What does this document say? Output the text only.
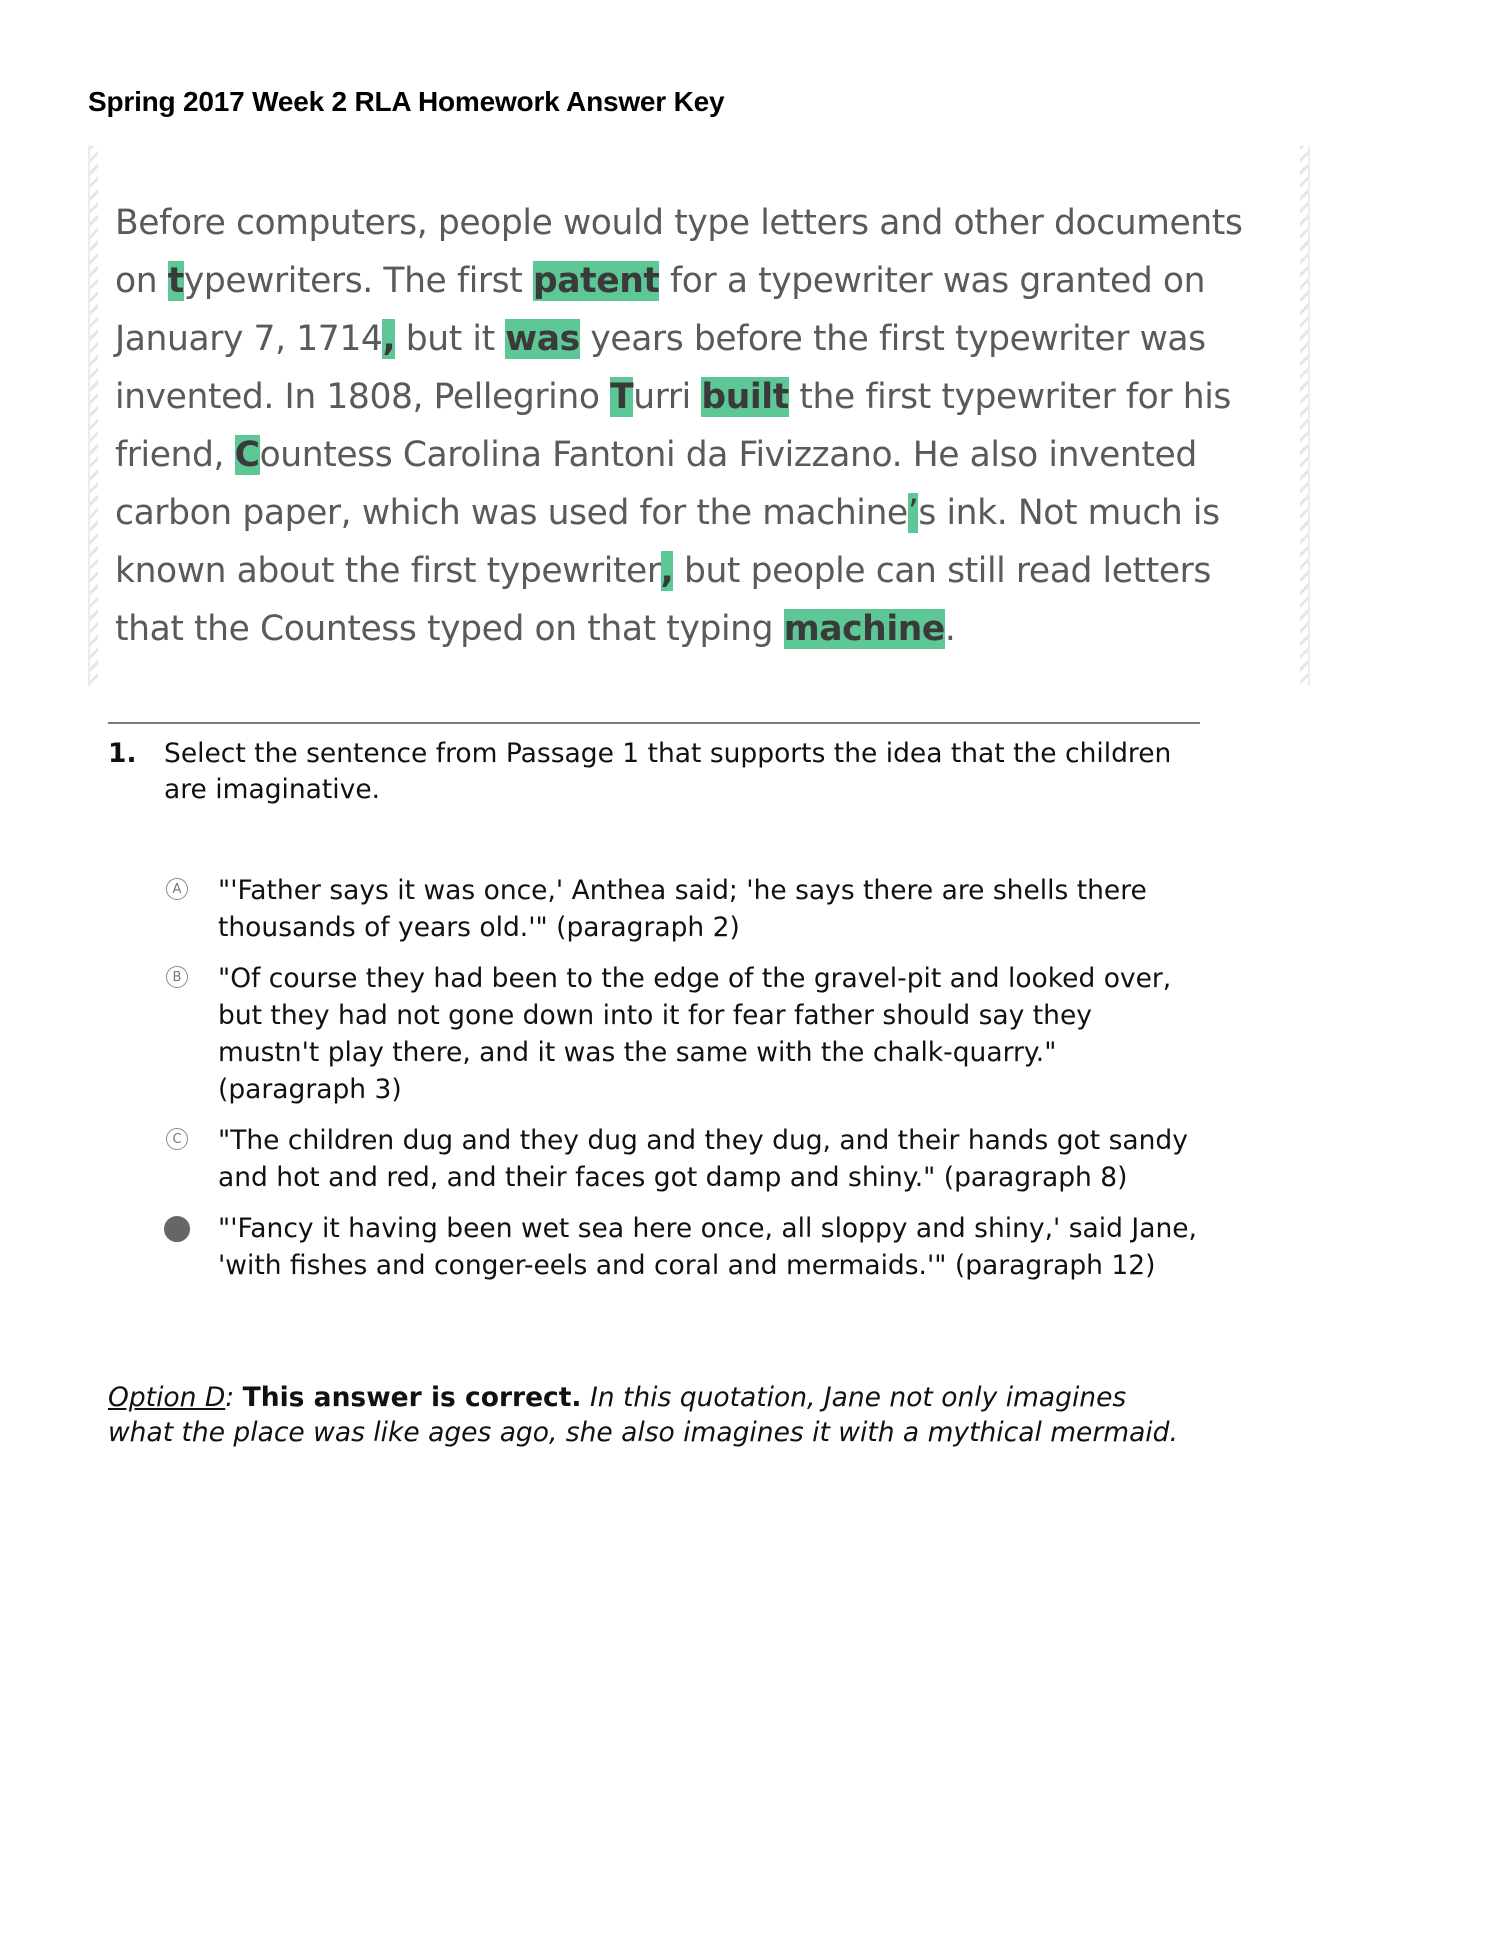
Spring 2017 Week 2 RLA Homework Answer Key
Before computers, people would type letters and other documents
on typewriters. The first patent for a typewriter was granted on
January 7, 1714, but it was years before the first typewriter was
invented. In 1808, Pellegrino Turri built the first typewriter for his
friend, Countess Carolina Fantoni da Fivizzano. He also invented
carbon paper, which was used for the machine’s ink. Not much is
known about the first typewriter, but people can still read letters
that the Countess typed on that typing machine.
1. Select the sentence from Passage 1 that supports the idea that the children are imaginative.
A "'Father says it was once,' Anthea said; 'he says there are shells there thousands of years old.'" (paragraph 2)
B "Of course they had been to the edge of the gravel-pit and looked over, but they had not gone down into it for fear father should say they mustn't play there, and it was the same with the chalk-quarry." (paragraph 3)
C "The children dug and they dug and they dug, and their hands got sandy and hot and red, and their faces got damp and shiny." (paragraph 8)
"'Fancy it having been wet sea here once, all sloppy and shiny,' said Jane, 'with fishes and conger-eels and coral and mermaids.'" (paragraph 12)
Option D: This answer is correct. In this quotation, Jane not only imagines what the place was like ages ago, she also imagines it with a mythical mermaid.
